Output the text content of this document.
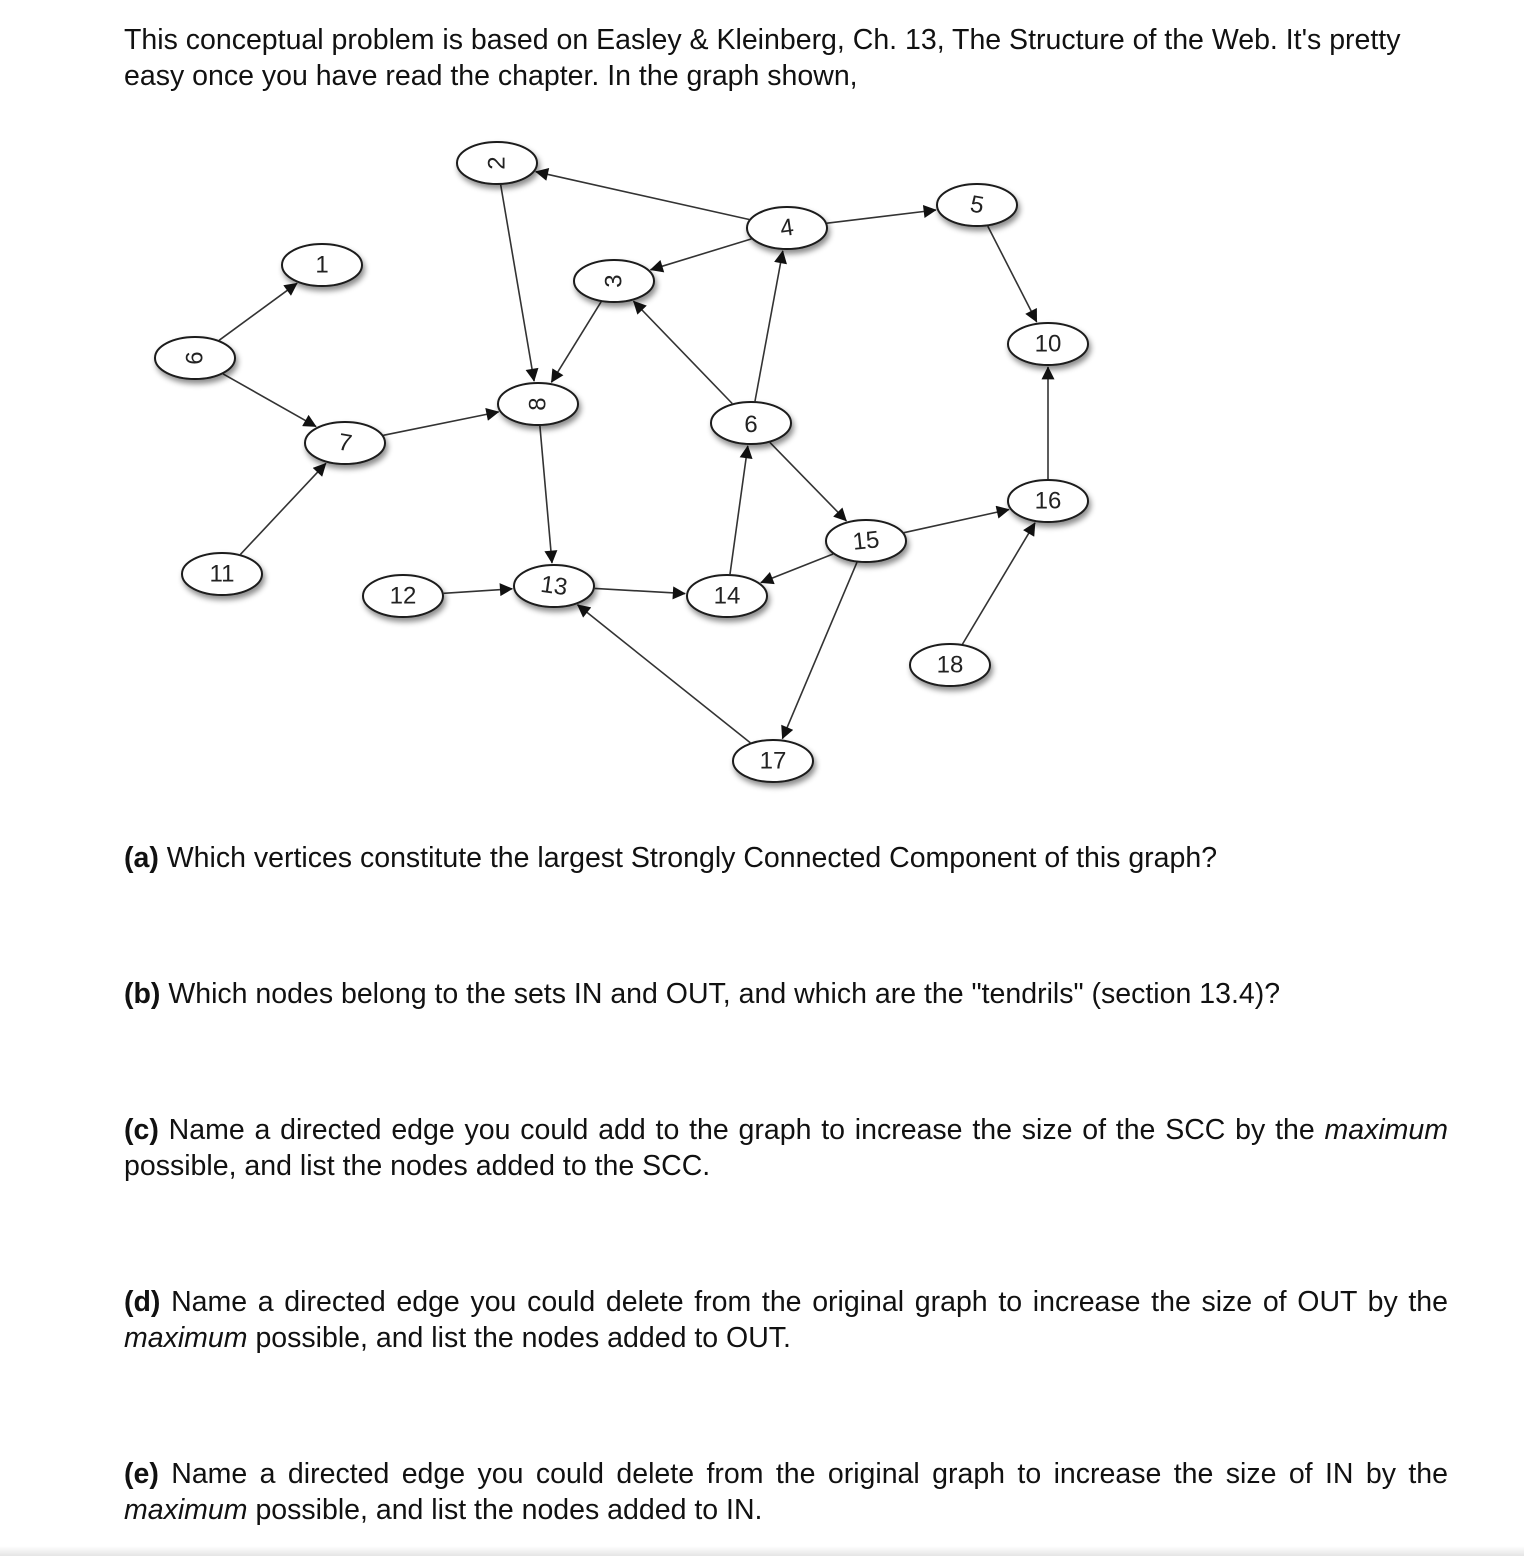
This conceptual problem is based on Easley & Kleinberg, Ch. 13, The Structure of the Web. It's pretty easy once you have read the chapter. In the graph shown,

1
2
3
4
5
6
7
8
9
10
11
12	13	14
15
16
17
18

(a) Which vertices constitute the largest Strongly Connected Component of this graph?

(b) Which nodes belong to the sets IN and OUT, and which are the "tendrils" (section 13.4)?

(c) Name a directed edge you could add to the graph to increase the size of the SCC by the maximum possible, and list the nodes added to the SCC.

(d) Name a directed edge you could delete from the original graph to increase the size of OUT by the maximum possible, and list the nodes added to OUT.

(e) Name a directed edge you could delete from the original graph to increase the size of IN by the maximum possible, and list the nodes added to IN.
